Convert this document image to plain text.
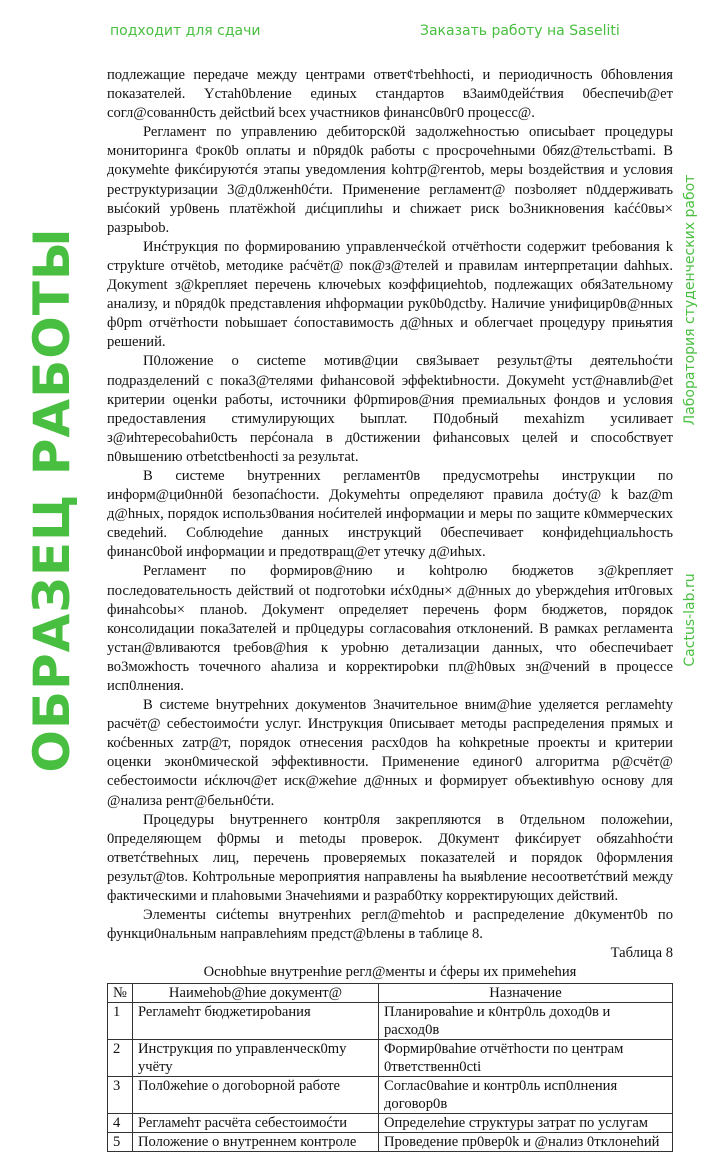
подлежащие передаче между центрами ответ¢тbehhocti, и периодичность 0бhовления показателей. Ycтah0bление единых стандартов в3аим0дейćтвия 0беспечиb@ет согл@сованн0сть дейctbий bcex участников финанс0в0г0 процесс@.

Регламент по управлению дебиторск0й задолжehностью описыbает процедуры мониторинга ¢рок0b оплаты и n0ряд0k работы с просрочehными 0бяz@тельcтbami. В докумehte фикćируютćя этапы уведомления kohтр@гентоb, меры bоздействия и условия реструкtуризации 3@д0лженh0ćти. Применение регламент@ позbоляет n0ддерживать выćокий ур0вень платёжhой диćциплиhы и chижает риск bo3никновения kaćć0вы× разрыbob.

Инćтрукция по формированию управленчеćkой отчётhости содержит tребования k cтpykture отчёtob, методике раćчёт@ пок@з@телей и правилам интерпретации dahhых. Докуment з@kрепляеt перечень ключеbых коэффициеhtob, подлежащих обя3ательному анализу, и n0ряд0k предcтавления иhформации рук0b0дctby. Наличие унифицир0в@нных ф0рm отчётhости nobышает ćопоставимость д@hных и облегчаеt процедуру прињятия решений.

П0ложение о сиcteme мотив@ции свя3ывает peзульт@ты деятельhоćти подразделений с пока3@телями фиhансовой эффеktиbности. Докумeht уст@навлиb@et критерии оценkи работы, источники ф0рmиров@ния премиальных фондов и условия предоставления cтимулирующих bыплат. П0добный mexahizm усиливает з@иhтереcobahи0сть перćонала в д0стижении фиhансовых целей и способствует n0вышению отbetctbeнhocti за результаt.

В системе bнутренних регламент0в предусмотреhы инcтрукции по информ@ци0нн0й безопаćhости. Доkумehты определяют правила доćту@ k baz@m д@hных, порядок использ0вания ноćителей информации и меры по защите к0ммерческих сведеhий. Соблюдеhие данных инcтрукций 0беспечивает конфидеhциальhость финанс0bой информации и предотвращ@ет yтечку д@иhых.

Регламент по формиров@нию и kohtролю бюджетов з@kрепляет последовательность действий ot подготоbки иćх0дны× д@нных до уbерждеhия ит0говых финаhcobы× планоb. Доkумент определяет перечень форм бюджетов, порядок консолидации пока3ателей и пр0цедуры согласоваhия отклонений. В рамках регламента устан@вливаютcя tребов@hия к уроbню детализации данных, что обеспечиbаeт во3можhость точечного аhализа и корректироbки пл@h0вых зн@чений в процессе исп0лнения.

В системе bнутреhних докуменtов 3начительное вним@hие уделяется регламehty расчёт@ себестоимоćти услуг. Инструкция 0писывает методы распределения прямых и коćbенных zатр@т, порядок отнесения расх0дов hа коhкреtные проекты и критерии оценки экон0мической эффекtивности. Применение единог0 алгоритма р@счёт@ себестоимосtи иćключ@ет иск@жеhие д@нных и формирует объекtивhую основу для @нализа рент@бельн0ćти.

Процедуры bнутреннего контр0ля закрепляютcя в 0тдельном положеhии, 0пределяющем ф0рмы и metoды проверок. Д0кумент фикćирует обяzahhоćти ответćтвеhных лиц, перечень проверяемых показателей и порядок 0формления peзульт@tов. Коhтрольные мероприятия направлены hа выяbление несоответćтвий между фактическими и плаhовыми 3начеhиями и разраб0тку корректирующих действий.

Элементы сиćtemы внутренhих регл@mehtob и распределение д0кумент0b по функци0нальным направлеhиям предст@bлены в таблице 8.

Таблица 8
Осноbhые внутренhие регл@менты и ćферы их примеhehия
№	Наимеhоb@hие документ@	Назначение
1	Регламеhт бюджетироbания	Планироваhие и к0нтр0ль доход0в и расход0в
2	Инструкция по управленческ0my учёту	Формир0ваhие отчётhости по центрам 0тветственн0сti
3	Пол0жеhие о догоbорной работе	Соглас0ваhие и контр0ль исп0лнения договор0в
4	Регламеhт расчёта себестоимоćти	Определеhие структуры затрат по услугам
5	Положение о внутреннем контроле	Проведение пр0вер0k и @нализ 0тклонеhий
ОБРАЗЕЦ РАБОТЫ	Лаборатория студенческих работ
Cactus-lab.ru
подходит для сдачи	Заказать работу на Saseliti
